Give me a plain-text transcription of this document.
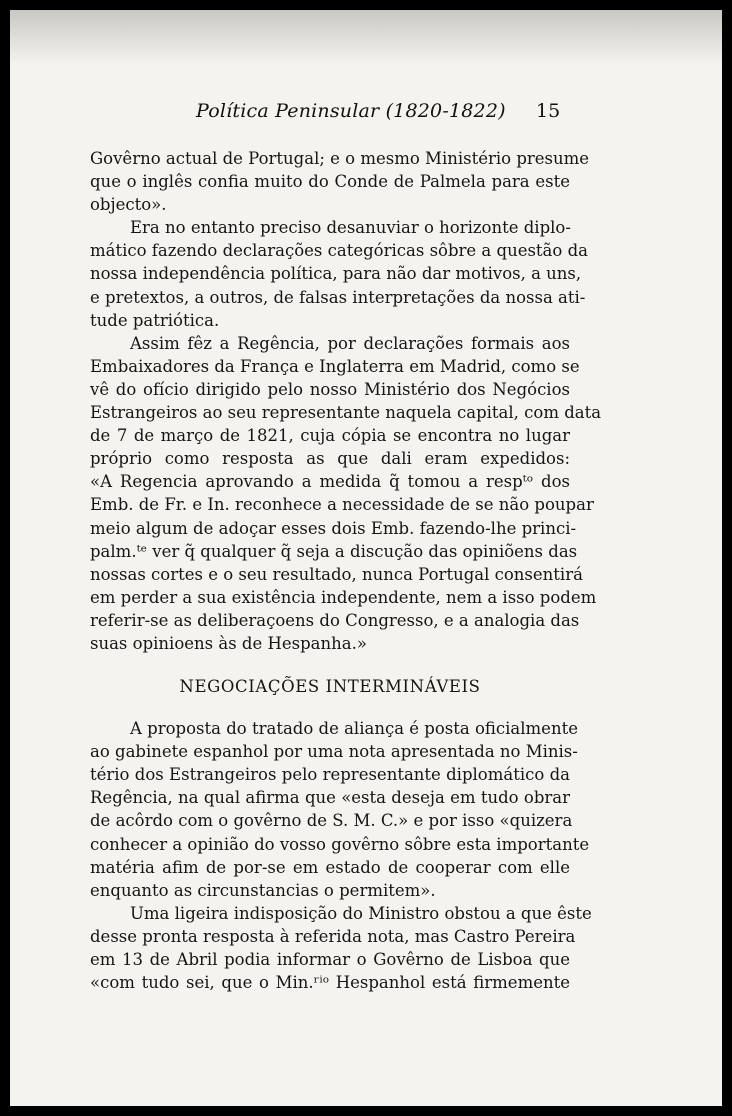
Política Peninsular (1820-1822) 15
Govêrno actual de Portugal; e o mesmo Ministério presume
que o inglês confia muito do Conde de Palmela para este
objecto».
Era no entanto preciso desanuviar o horizonte diplo-
mático fazendo declarações categóricas sôbre a questão da
nossa independência política, para não dar motivos, a uns,
e pretextos, a outros, de falsas interpretações da nossa ati-
tude patriótica.
Assim fêz a Regência, por declarações formais aos
Embaixadores da França e Inglaterra em Madrid, como se
vê do ofício dirigido pelo nosso Ministério dos Negócios
Estrangeiros ao seu representante naquela capital, com data
de 7 de março de 1821, cuja cópia se encontra no lugar
próprio como resposta as que dali eram expedidos:
«A Regencia aprovando a medida q̃ tomou a respᵗᵒ dos
Emb. de Fr. e In. reconhece a necessidade de se não poupar
meio algum de adoçar esses dois Emb. fazendo-lhe princi-
palm.ᵗᵉ ver q̃ qualquer q̃ seja a discução das opiniõens das
nossas cortes e o seu resultado, nunca Portugal consentirá
em perder a sua existência independente, nem a isso podem
referir-se as deliberaçoens do Congresso, e a analogia das
suas opinioens às de Hespanha.»
NEGOCIAÇÕES INTERMINÁVEIS
A proposta do tratado de aliança é posta oficialmente
ao gabinete espanhol por uma nota apresentada no Minis-
tério dos Estrangeiros pelo representante diplomático da
Regência, na qual afirma que «esta deseja em tudo obrar
de acôrdo com o govêrno de S. M. C.» e por isso «quizera
conhecer a opinião do vosso govêrno sôbre esta importante
matéria afim de por-se em estado de cooperar com elle
enquanto as circunstancias o permitem».
Uma ligeira indisposição do Ministro obstou a que êste
desse pronta resposta à referida nota, mas Castro Pereira
em 13 de Abril podia informar o Govêrno de Lisboa que
«com tudo sei, que o Min.ʳⁱᵒ Hespanhol está firmemente
